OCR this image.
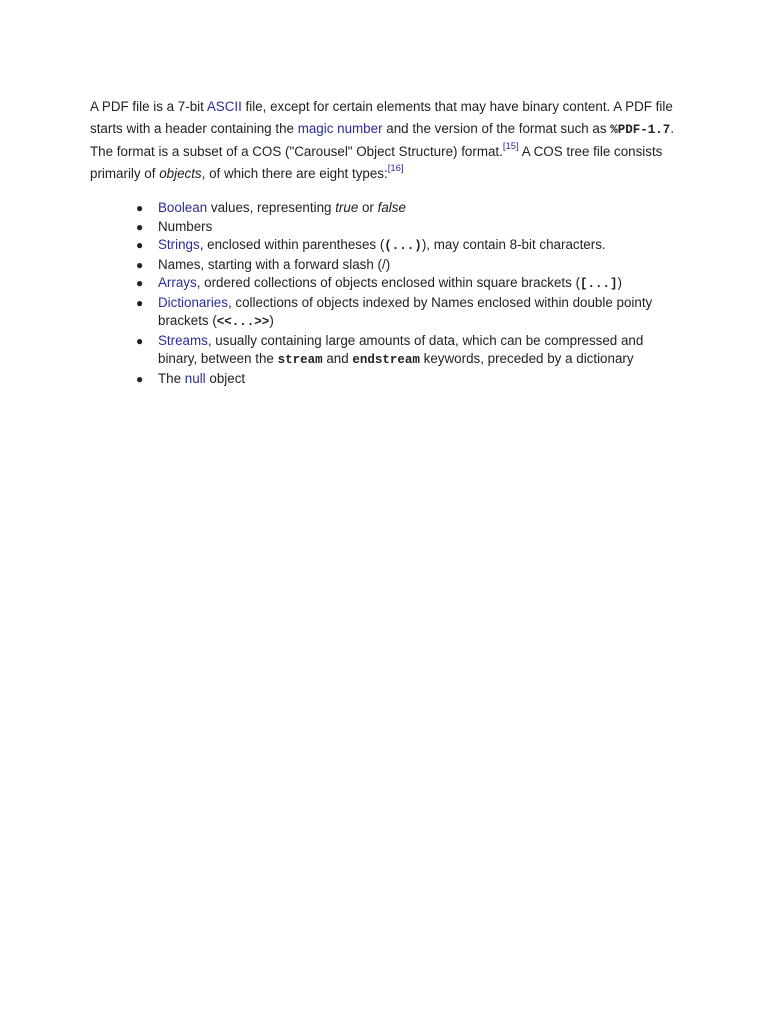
A PDF file is a 7-bit ASCII file, except for certain elements that may have binary content. A PDF file starts with a header containing the magic number and the version of the format such as %PDF-1.7. The format is a subset of a COS ("Carousel" Object Structure) format.[15] A COS tree file consists primarily of objects, of which there are eight types:[16]

● Boolean values, representing true or false
● Numbers
● Strings, enclosed within parentheses ((...)), may contain 8-bit characters.
● Names, starting with a forward slash (/)
● Arrays, ordered collections of objects enclosed within square brackets ([...])
● Dictionaries, collections of objects indexed by Names enclosed within double pointy brackets (<<...>>)
● Streams, usually containing large amounts of data, which can be compressed and binary, between the stream and endstream keywords, preceded by a dictionary
● The null object
